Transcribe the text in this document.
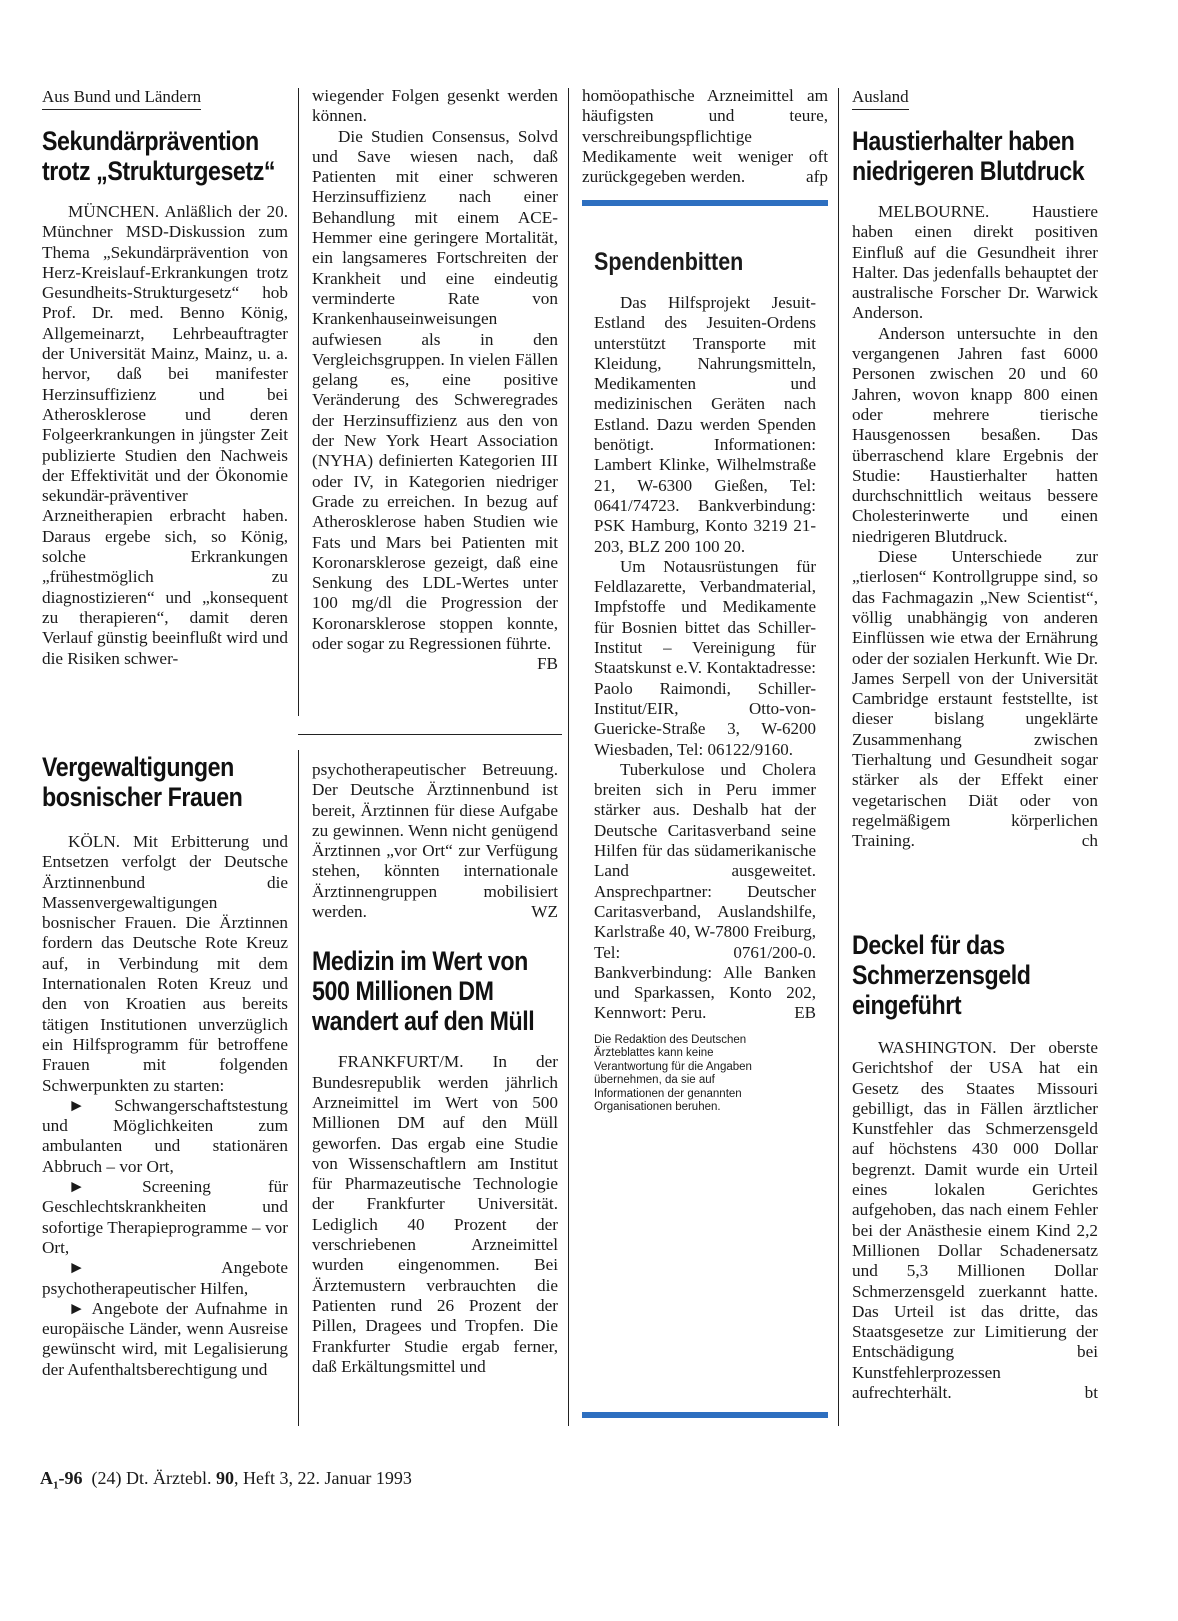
Aus Bund und Ländern
Sekundärprävention
trotz „Strukturgesetz“

MÜNCHEN. Anläßlich der 20. Münchner MSD-Diskussion zum Thema „Sekundärprävention von Herz-Kreislauf-Erkrankungen trotz Gesundheits-Strukturgesetz“ hob Prof. Dr. med. Benno König, Allgemeinarzt, Lehrbeauftragter der Universität Mainz, Mainz, u. a. hervor, daß bei manifester Herzinsuffizienz und bei Atherosklerose und deren Folgeerkrankungen in jüngster Zeit publizierte Studien den Nachweis der Effektivität und der Ökonomie sekundär-präventiver Arzneitherapien erbracht haben. Daraus ergebe sich, so König, solche Erkrankungen „frühestmöglich zu diagnostizieren“ und „konsequent zu therapieren“, damit deren Verlauf günstig beeinflußt wird und die Risiken schwer-

Vergewaltigungen
bosnischer Frauen

KÖLN. Mit Erbitterung und Entsetzen verfolgt der Deutsche Ärztinnenbund die Massenvergewaltigungen bosnischer Frauen. Die Ärztinnen fordern das Deutsche Rote Kreuz auf, in Verbindung mit dem Internationalen Roten Kreuz und den von Kroatien aus bereits tätigen Institutionen unverzüglich ein Hilfsprogramm für betroffene Frauen mit folgenden Schwerpunkten zu starten:

► Schwangerschaftstestung und Möglichkeiten zum ambulanten und stationären Abbruch – vor Ort,

►	Screening für Geschlechtskrankheiten und sofortige Therapieprogramme – vor Ort,

►	Angebote psychotherapeutischer Hilfen,

► Angebote der Aufnahme in europäische Länder, wenn Ausreise gewünscht wird, mit Legalisierung der Aufenthaltsberechtigung und

wiegender Folgen gesenkt werden können.

Die Studien Consensus, Solvd und Save wiesen nach, daß Patienten mit einer schweren Herzinsuffizienz nach einer Behandlung mit einem ACE-Hemmer eine geringere Mortalität, ein langsameres Fortschreiten der Krankheit und eine eindeutig verminderte Rate von Krankenhauseinweisungen aufwiesen als in den Vergleichsgruppen. In vielen Fällen gelang es, eine positive Veränderung des Schweregrades der Herzinsuffizienz aus den von der New York Heart Association (NYHA) definierten Kategorien III oder IV, in Kategorien niedriger Grade zu erreichen. In bezug auf Atherosklerose haben Studien wie Fats und Mars bei Patienten mit Koronarsklerose gezeigt, daß eine Senkung des LDL-Wertes unter 100 mg/dl die Progression der Koronarsklerose stoppen konnte, oder sogar zu Regressionen führte.
FB

psychotherapeutischer Betreuung. Der Deutsche Ärztinnenbund ist bereit, Ärztinnen für diese Aufgabe zu gewinnen. Wenn nicht genügend Ärztinnen „vor Ort“ zur Verfügung stehen, könnten internationale Ärztinnengruppen mobilisiert werden.	WZ

Medizin im Wert von
500 Millionen DM
wandert auf den Müll

FRANKFURT/M. In der Bundesrepublik werden jährlich Arzneimittel im Wert von 500 Millionen DM auf den Müll geworfen. Das ergab eine Studie von Wissenschaftlern am Institut für Pharmazeutische Technologie der Frankfurter Universität. Lediglich 40 Prozent der verschriebenen Arzneimittel wurden eingenommen. Bei Ärztemustern verbrauchten die Patienten rund 26 Prozent der Pillen, Dragees und Tropfen. Die Frankfurter Studie ergab ferner, daß Erkältungsmittel und

homöopathische Arzneimittel am häufigsten und teure, verschreibungspflichtige Medikamente weit weniger oft zurückgegeben werden.	afp

Spendenbitten

Das Hilfsprojekt Jesuit-Estland des Jesuiten-Ordens unterstützt Transporte mit Kleidung, Nahrungsmitteln, Medikamenten und medizinischen Geräten nach Estland. Dazu werden Spenden benötigt. Informationen: Lambert Klinke, Wilhelmstraße 21, W-6300 Gießen, Tel: 0641/74723. Bankverbindung: PSK Hamburg, Konto 3219 21-203, BLZ 200 100 20.

Um Notausrüstungen für Feldlazarette, Verbandmaterial, Impfstoffe und Medikamente für Bosnien bittet das Schiller-Institut – Vereinigung für Staatskunst e.V. Kontaktadresse: Paolo Raimondi, Schiller-Institut/EIR, Otto-von-Guericke-Straße 3, W-6200 Wiesbaden, Tel: 06122/9160.

Tuberkulose und Cholera breiten sich in Peru immer stärker aus. Deshalb hat der Deutsche Caritasverband seine Hilfen für das südamerikanische Land ausgeweitet. Ansprechpartner: Deutscher Caritasverband, Auslandshilfe, Karlstraße 40, W-7800 Freiburg, Tel: 0761/200-0. Bankverbindung: Alle Banken und Sparkassen, Konto 202, Kennwort: Peru.	EB

Die Redaktion des Deutschen Ärzteblattes kann keine Verantwortung für die Angaben übernehmen, da sie auf Informationen der genannten Organisationen beruhen.
Ausland
Haustierhalter haben
niedrigeren Blutdruck

MELBOURNE. Haustiere haben einen direkt positiven Einfluß auf die Gesundheit ihrer Halter. Das jedenfalls behauptet der australische Forscher Dr. Warwick Anderson.

Anderson untersuchte in den vergangenen Jahren fast 6000 Personen zwischen 20 und 60 Jahren, wovon knapp 800 einen oder mehrere tierische Hausgenossen besaßen. Das überraschend klare Ergebnis der Studie: Haustierhalter hatten durchschnittlich weitaus bessere Cholesterinwerte und einen niedrigeren Blutdruck.

Diese Unterschiede zur „tierlosen“ Kontrollgruppe sind, so das Fachmagazin „New Scientist“, völlig unabhängig von anderen Einflüssen wie etwa der Ernährung oder der sozialen Herkunft. Wie Dr. James Serpell von der Universität Cambridge erstaunt feststellte, ist dieser bislang ungeklärte Zusammenhang zwischen Tierhaltung und Gesundheit sogar stärker als der Effekt einer vegetarischen Diät oder von regelmäßigem körperlichen Training.	ch

Deckel für das
Schmerzensgeld
eingeführt

WASHINGTON. Der oberste Gerichtshof der USA hat ein Gesetz des Staates Missouri gebilligt, das in Fällen ärztlicher Kunstfehler das Schmerzensgeld auf höchstens 430 000 Dollar begrenzt. Damit wurde ein Urteil eines lokalen Gerichtes aufgehoben, das nach einem Fehler bei der Anästhesie einem Kind 2,2 Millionen Dollar Schadenersatz und 5,3 Millionen Dollar Schmerzensgeld zuerkannt hatte. Das Urteil ist das dritte, das Staatsgesetze zur Limitierung der Entschädigung bei Kunstfehlerprozessen aufrechterhält.	bt

$A_1-96$ (24) Dt. Ärztebl. 90, Heft 3, 22. Januar 1993
